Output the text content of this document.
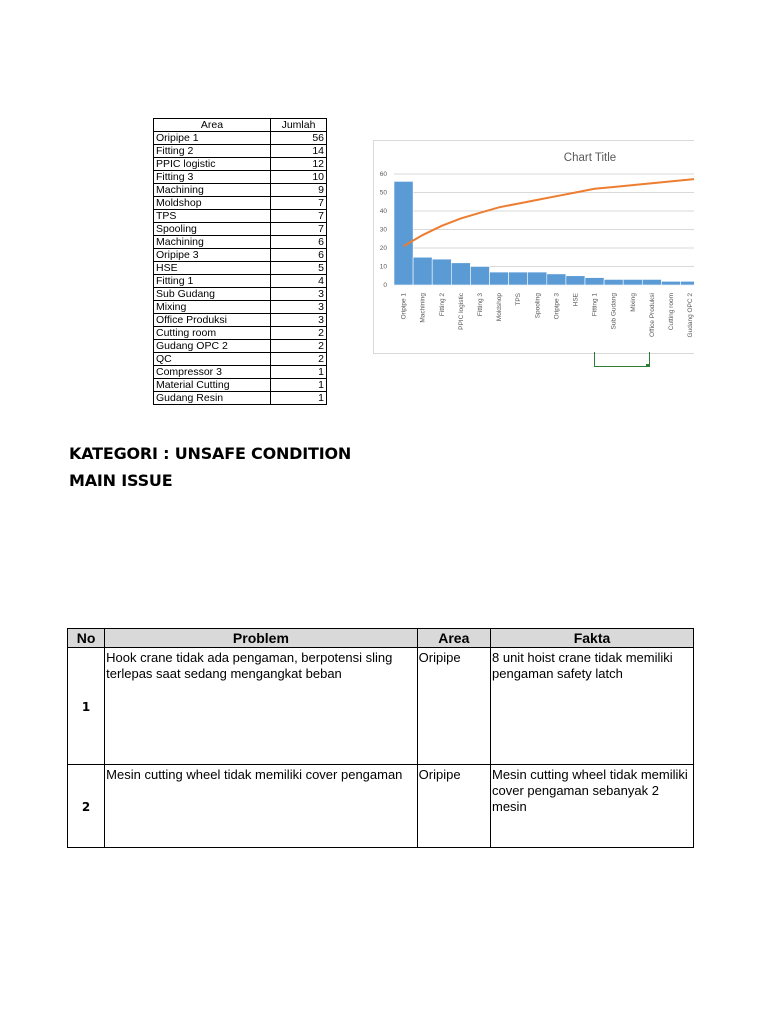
Area	Jumlah
Oripipe 1	56
Fitting 2	14
PPIC logistic	12
Fitting 3	10
Machining	9
Moldshop	7
TPS	7
Spooling	7
Machining	6
Oripipe 3	6
HSE	5
Fitting 1	4
Sub Gudang	3
Mixing	3
Office Produksi	3
Cutting room	2
Gudang OPC 2	2
QC	2
Compressor 3	1
Material Cutting	1
Gudang Resin	1
Chart Title
0
10
20
30
40
50
60
Oripipe 1 Machining Fitting 2 PPIC logistic Fitting 3 Moldshop TPS Spooling Oripipe 3 HSE Fitting 1 Sub Gudang Mixing Office Produksi Cutting room Gudang OPC 2
KATEGORI : UNSAFE CONDITION
MAIN ISSUE
No	Problem	Area	Fakta
1	Hook crane tidak ada pengaman, berpotensi sling terlepas saat sedang mengangkat beban	Oripipe	8 unit hoist crane tidak memiliki pengaman safety latch
2	Mesin cutting wheel tidak memiliki cover pengaman	Oripipe	Mesin cutting wheel tidak memiliki cover pengaman sebanyak 2 mesin
